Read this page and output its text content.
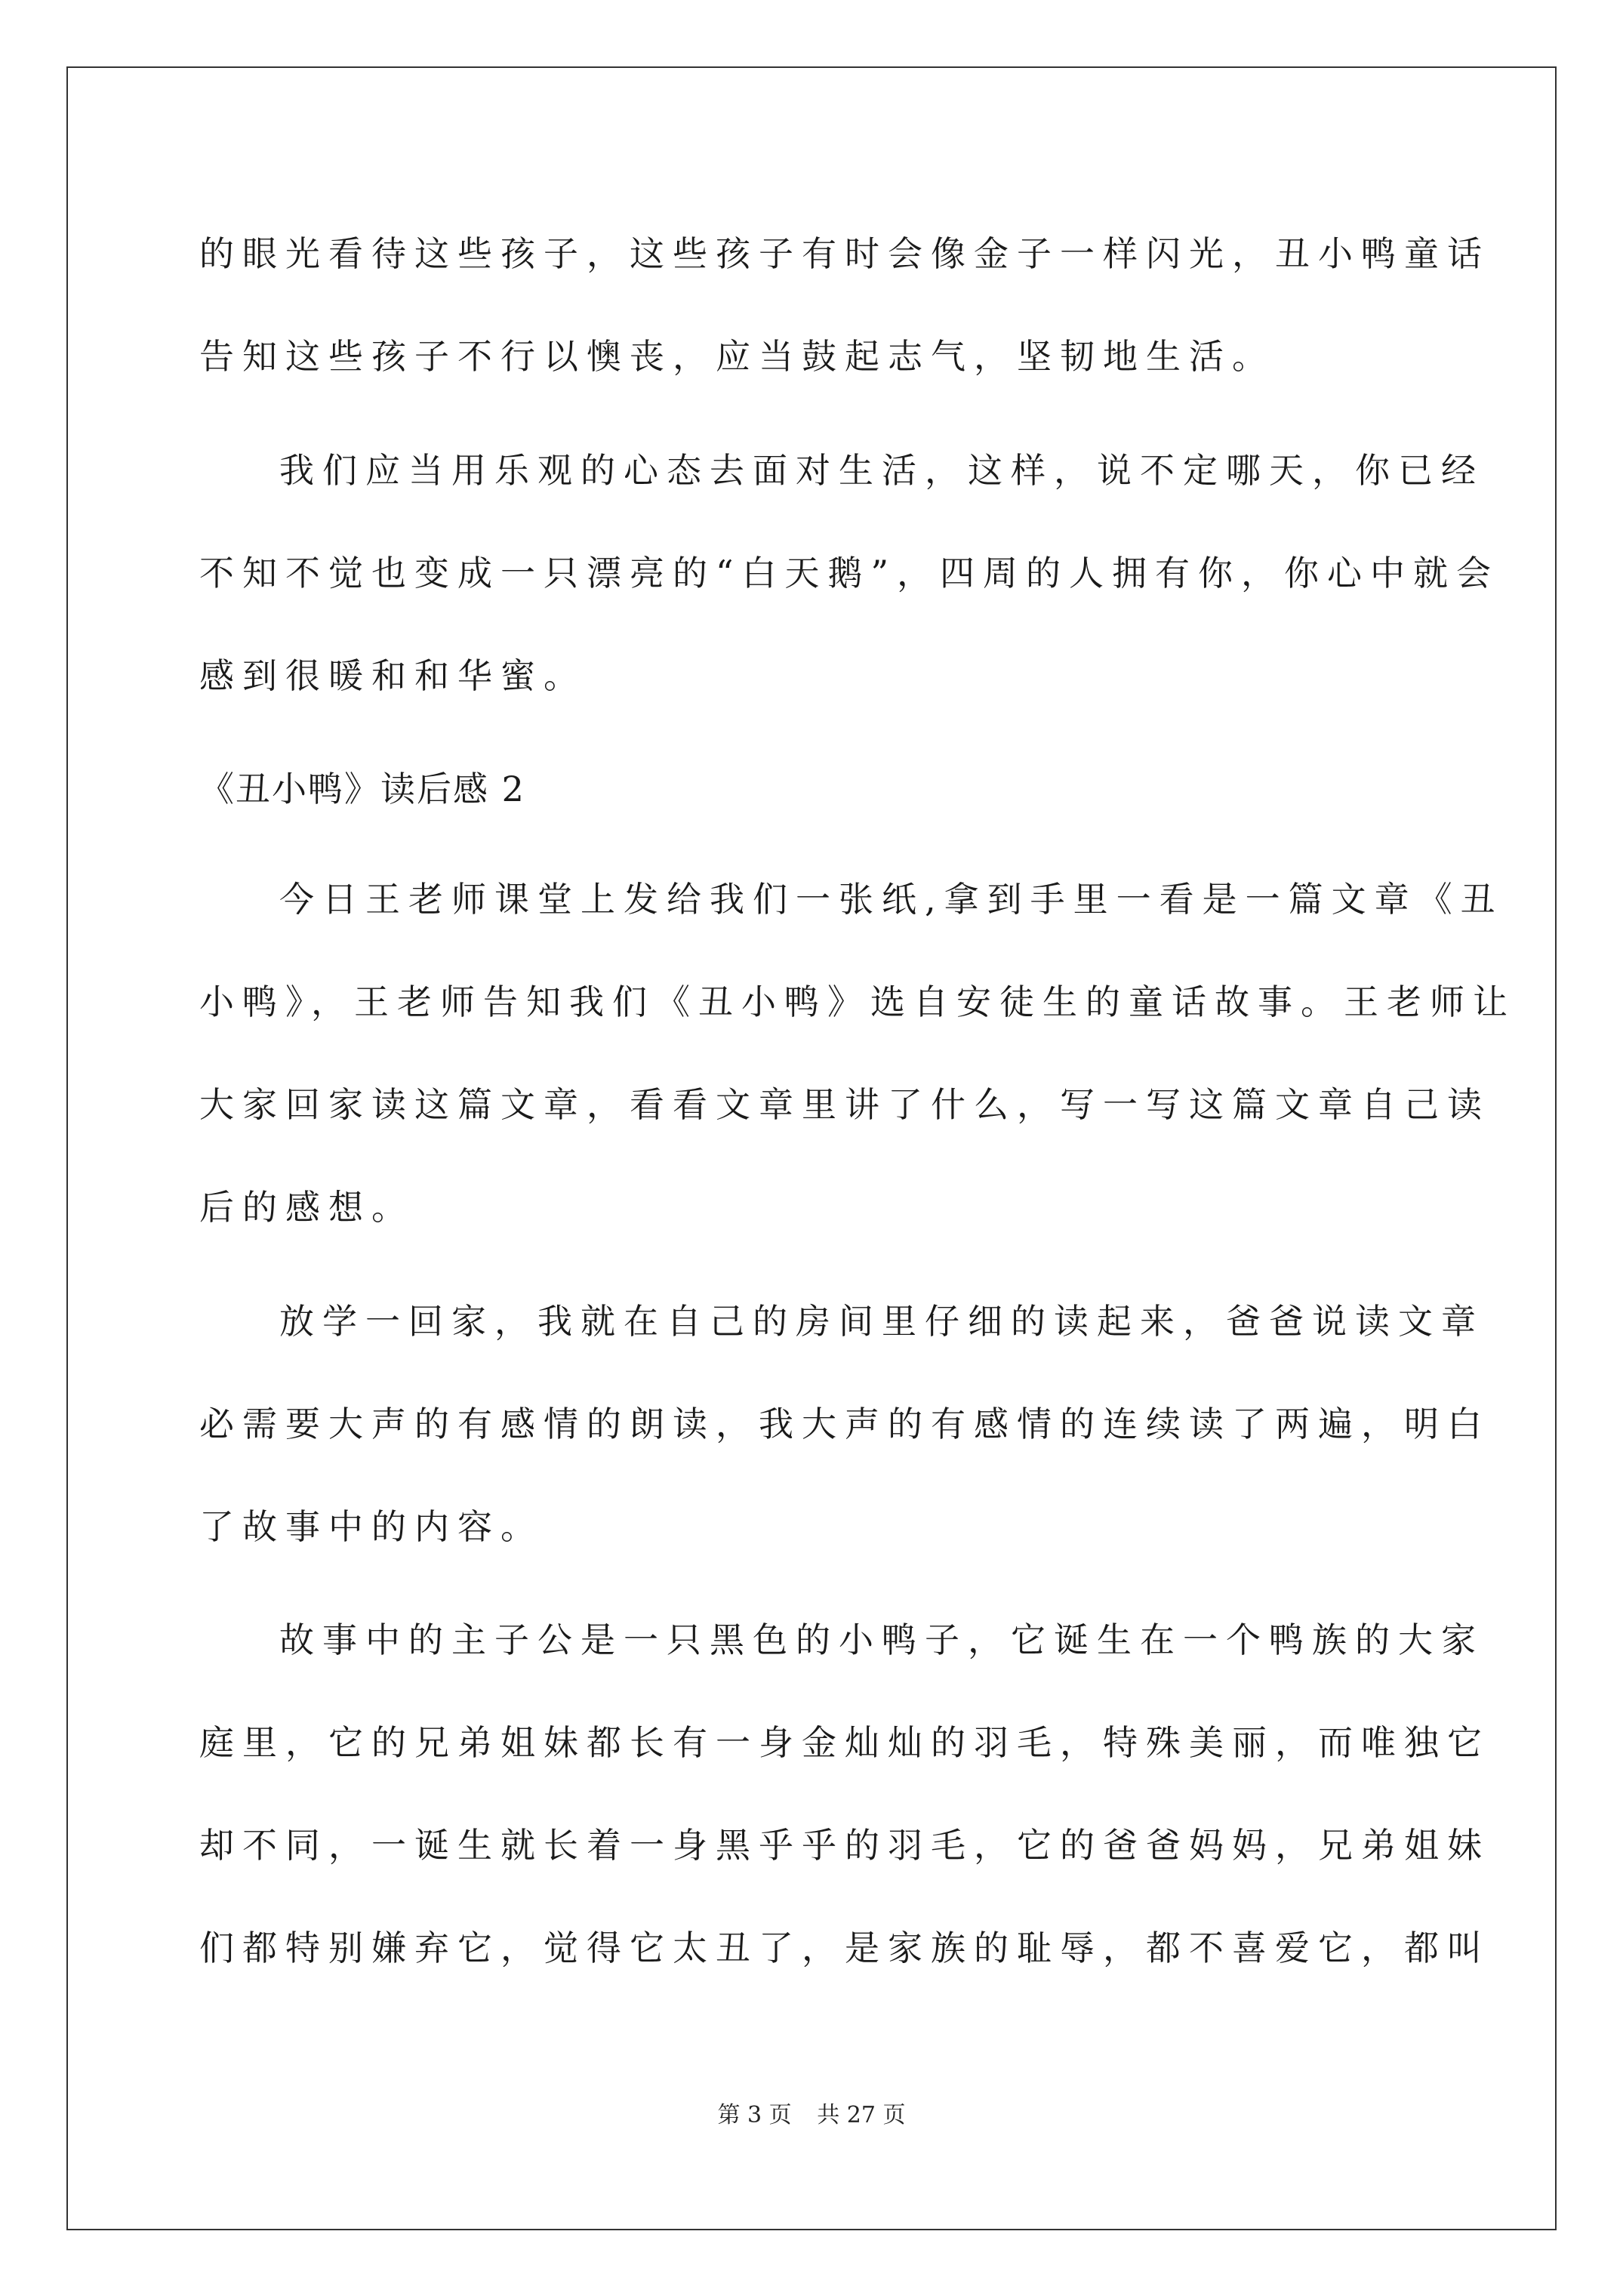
的眼光看待这些孩子，这些孩子有时会像金子一样闪光，丑小鸭童话
告知这些孩子不行以懊丧，应当鼓起志气，坚韧地生活。
我们应当用乐观的心态去面对生活，这样，说不定哪天，你已经
不知不觉也变成一只漂亮的“白天鹅”，四周的人拥有你，你心中就会
感到很暖和和华蜜。
《丑小鸭》读后感 2
今日王老师课堂上发给我们一张纸,拿到手里一看是一篇文章《丑
小鸭》，王老师告知我们《丑小鸭》选自安徒生的童话故事。王老师让
大家回家读这篇文章，看看文章里讲了什么，写一写这篇文章自己读
后的感想。
放学一回家，我就在自己的房间里仔细的读起来，爸爸说读文章
必需要大声的有感情的朗读，我大声的有感情的连续读了两遍，明白
了故事中的内容。
故事中的主子公是一只黑色的小鸭子，它诞生在一个鸭族的大家
庭里，它的兄弟姐妹都长有一身金灿灿的羽毛，特殊美丽，而唯独它
却不同，一诞生就长着一身黑乎乎的羽毛，它的爸爸妈妈，兄弟姐妹
们都特别嫌弃它，觉得它太丑了，是家族的耻辱，都不喜爱它，都叫
第 3 页 共 27 页
